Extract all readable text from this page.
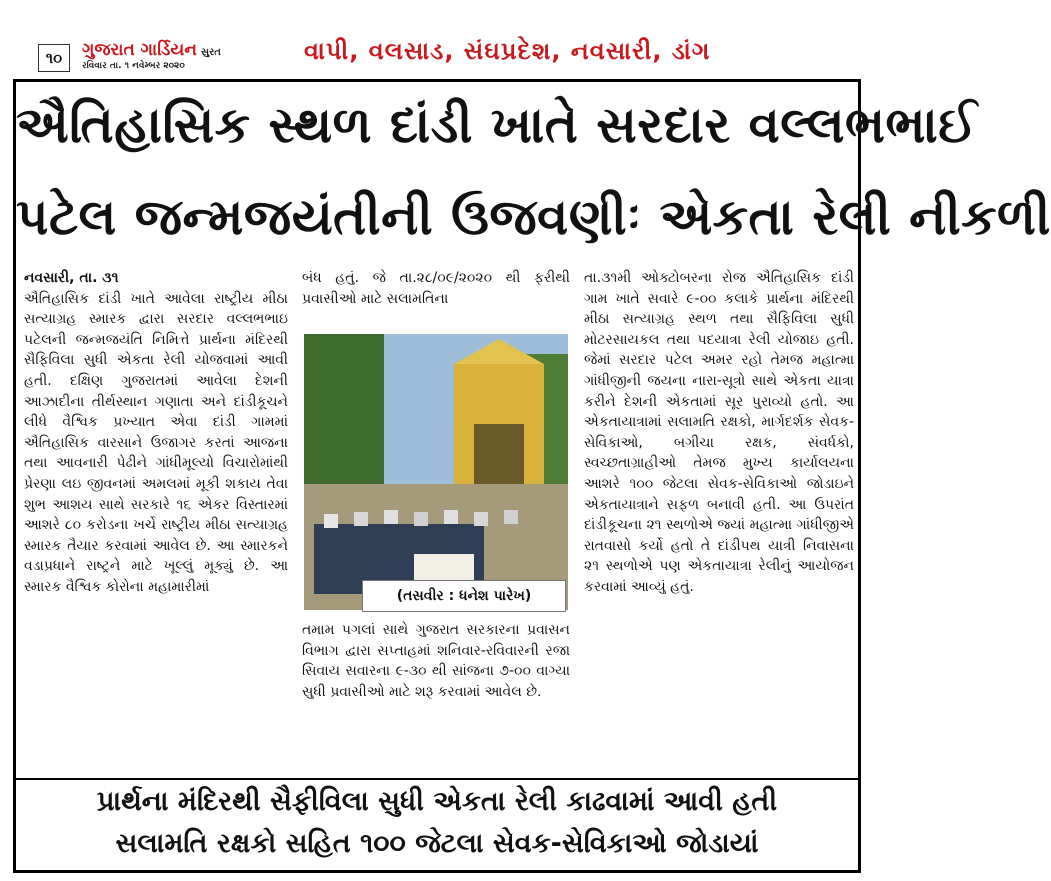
૧૦	ગુજરાત ગાર્ડિયન સુરત
રવિવાર તા. ૧ નવેમ્બર ૨૦૨૦
વાપી, વલસાડ, સંઘપ્રદેશ, નવસારી, ડાંગ
ઐતિહાસિક સ્થળ દાંડી ખાતે સરદાર વલ્લભભાઈ
પટેલ જન્મજયંતીની ઉજવણીઃ એકતા રેલી નીકળી

નવસારી, તા. ૩૧

ઐતિહાસિક દાંડી ખાતે આવેલા રાષ્ટ્રીય મીઠા સત્યાગ્રહ સ્મારક દ્વારા સરદાર વલ્લભભાઇ પટેલની જન્મજયંતિ નિમિત્તે પ્રાર્થના મંદિરથી સૈફિવિલા સુધી એકતા રેલી યોજવામાં આવી હતી. દક્ષિણ ગુજરાતમાં આવેલા દેશની આઝાદીના તીર્થસ્થાન ગણાતા અને દાંડીકૂચને લીધે વૈશ્વિક પ્રખ્યાત એવા દાંડી ગામમાં ઐતિહાસિક વારસાને ઉજાગર કરતાં આજના તથા આવનારી પેઢીને ગાંધીમૂલ્યો વિચારોમાંથી પ્રેરણા લઇ જીવનમાં અમલમાં મૂકી શકાય તેવા શુભ આશય સાથે સરકારે ૧૬ એકર વિસ્તારમાં આશરે ૮૦ કરોડના ખર્ચે રાષ્ટ્રીય મીઠા સત્યાગ્રહ સ્મારક તૈયાર કરવામાં આવેલ છે. આ સ્મારકને વડાપ્રધાને રાષ્ટ્રને માટે ખૂલ્લું મૂક્યું છે. આ સ્મારક વૈશ્વિક કોરોના મહામારીમાં

બંધ હતું. જે તા.૨૮/૦૯/૨૦૨૦ થી ફરીથી પ્રવાસીઓ માટે સલામતિના

(તસવીર : ધનેશ પારેખ)

તમામ પગલાં સાથે ગુજરાત સરકારના પ્રવાસન વિભાગ દ્વારા સપ્તાહમાં શનિવાર-રવિવારની રજા સિવાય સવારના ૯-૩૦ થી સાંજના ૭-૦૦ વાગ્યા સુધી પ્રવાસીઓ માટે શરૂ કરવામાં આવેલ છે.

તા.૩૧મી ઓક્ટોબરના રોજ ઐતિહાસિક દાંડી ગામ ખાતે સવારે ૯-૦૦ કલાકે પ્રાર્થના મંદિરથી મીઠા સત્યાગ્રહ સ્થળ તથા સૈફિવિલા સુધી મોટરસાયકલ તથા પદયાત્રા રેલી યોજાઇ હતી. જેમાં સરદાર પટેલ અમર રહો તેમજ મહાત્મા ગાંધીજીની જયના નારા-સૂત્રો સાથે એકતા યાત્રા કરીને દેશની એકતામાં સૂર પુરાવ્યો હતો. આ એકતાયાત્રામાં સલામતિ રક્ષકો, માર્ગદર્શક સેવક-સેવિકાઓ, બગીચા રક્ષક, સંવર્ધકો, સ્વચ્છતાગ્રાહીઓ તેમજ મુખ્ય કાર્યાલયના આશરે ૧૦૦ જેટલા સેવક-સેવિકાઓ જોડાઇને એકતાયાત્રાને સફળ બનાવી હતી. આ ઉપરાંત દાંડીકૂચના ૨૧ સ્થળોએ જ્યાં મહાત્મા ગાંધીજીએ રાતવાસો કર્યો હતો તે દાંડીપથ યાત્રી નિવાસના ૨૧ સ્થળોએ પણ એકતાયાત્રા રેલીનું આયોજન કરવામાં આવ્યું હતું.

પ્રાર્થના મંદિરથી સૈફીવિલા સુધી એકતા રેલી કાઢવામાં આવી હતી
સલામતિ રક્ષકો સહિત ૧૦૦ જેટલા સેવક-સેવિકાઓ જોડાયાં
